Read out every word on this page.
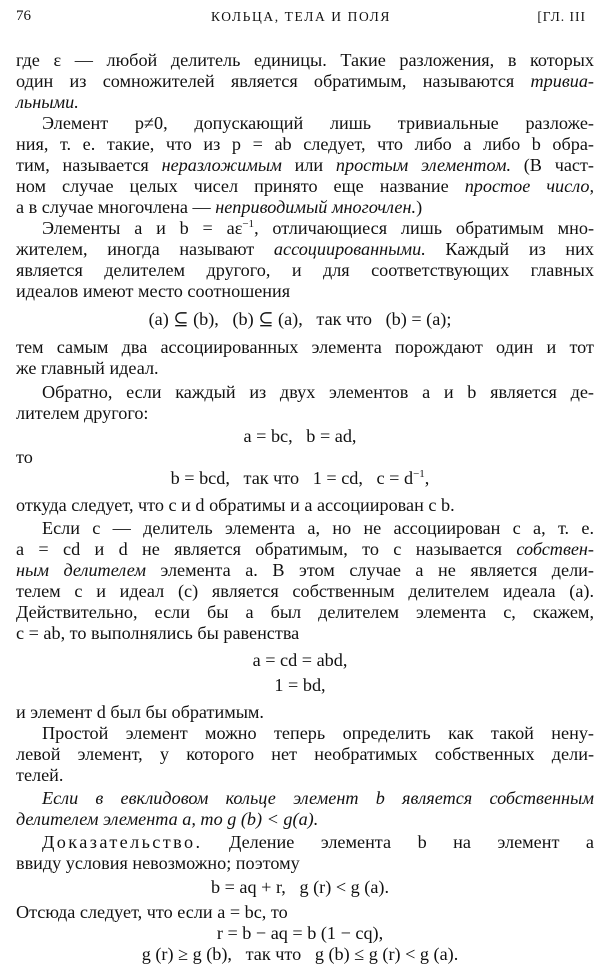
76	КОЛЬЦА, ТЕЛА И ПОЛЯ	[ГЛ. III
где ε — любой делитель единицы. Такие разложения, в которых
один из сомножителей является обратимым, называются тривиа-
льными.
Элемент p≠0, допускающий лишь тривиальные разложе-
ния, т. е. такие, что из p = ab следует, что либо a либо b обра-
тим, называется неразложимым или простым элементом. (В част-
ном случае целых чисел принято еще название простое число,
а в случае многочлена — неприводимый многочлен.)
Элементы a и $b = a\varepsilon^{-1}$, отличающиеся лишь обратимым мно-
жителем, иногда называют ассоциированными. Каждый из них
является делителем другого, и для соответствующих главных
идеалов имеют место соотношения
(a) ⊆ (b),   (b) ⊆ (a),   так что   (b) = (a);
тем самым два ассоциированных элемента порождают один и тот
же главный идеал.
Обратно, если каждый из двух элементов a и b является де-
лителем другого:
a = bc,   b = ad,
то
b = bcd,   так что   1 = cd,   $c = d^{-1}$,
откуда следует, что c и d обратимы и a ассоциирован с b.
Если c — делитель элемента a, но не ассоциирован с a, т. е.
a = cd и d не является обратимым, то c называется собствен-
ным делителем элемента a. В этом случае a не является дели-
телем c и идеал (c) является собственным делителем идеала (a).
Действительно, если бы a был делителем элемента c, скажем,
c = ab, то выполнялись бы равенства
a = cd = abd,
1 = bd,
и элемент d был бы обратимым.
Простой элемент можно теперь определить как такой ненy-
левой элемент, у которого нет необратимых собственных дели-
телей.
Если в евклидовом кольце элемент b является собственным
делителем элемента a, то g (b) < g(a).
Доказательство. Деление элемента b на элемент a
ввиду условия невозможно; поэтому
b = aq + r,   g (r) < g (a).
Отсюда следует, что если a = bc, то
r = b − aq = b (1 − cq),
g (r) ≥ g (b),   так что   g (b) ≤ g (r) < g (a).
